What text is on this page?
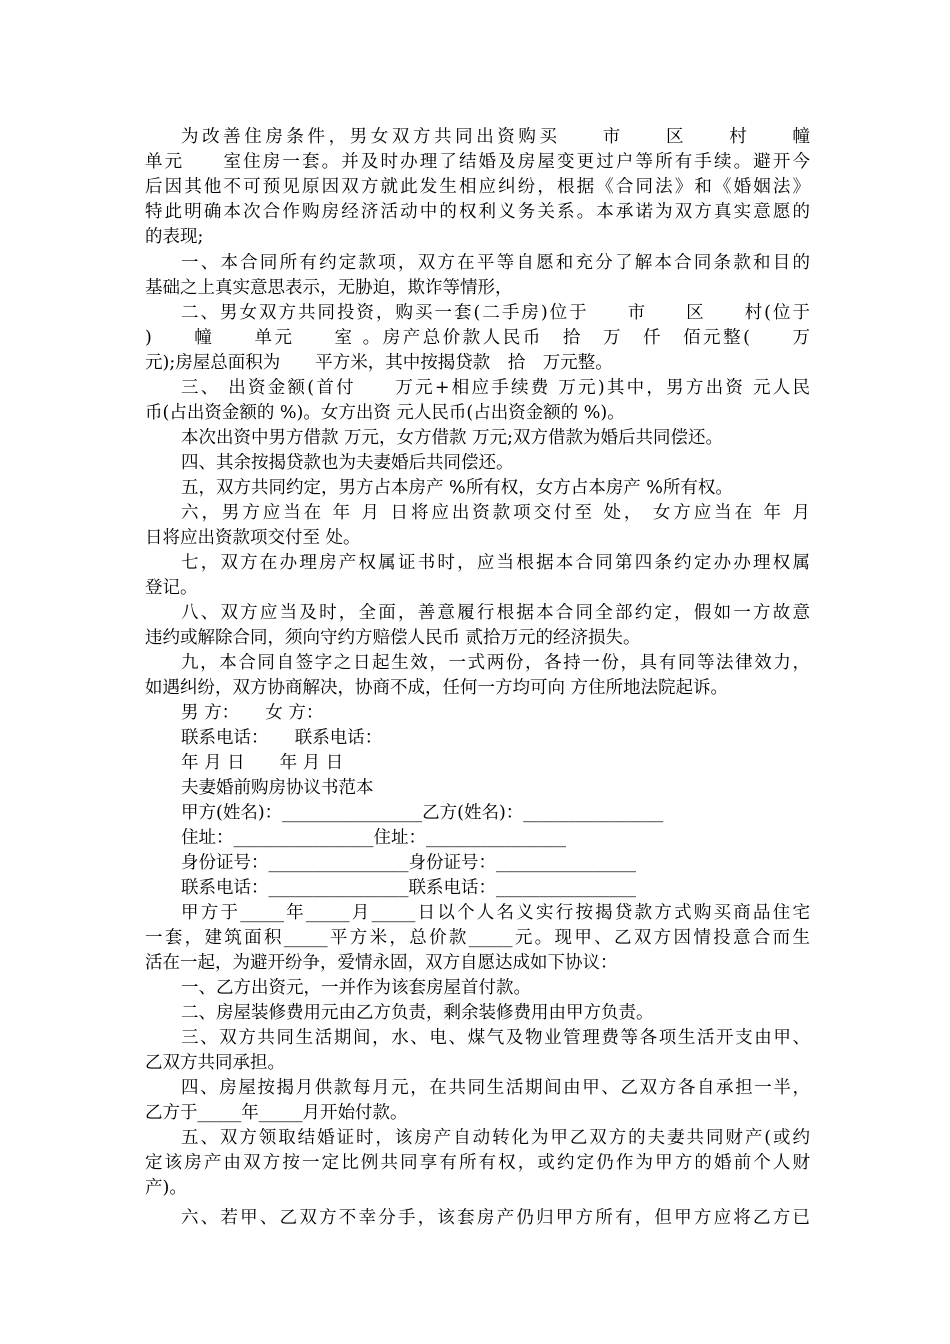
为改善住房条件，男女双方共同出资购买　　市　　区　　村　　幢
单元　　室住房一套。并及时办理了结婚及房屋变更过户等所有手续。避开今
后因其他不可预见原因双方就此发生相应纠纷，根据《合同法》和《婚姻法》
特此明确本次合作购房经济活动中的权利义务关系。本承诺为双方真实意愿的
的表现;
一、本合同所有约定款项，双方在平等自愿和充分了解本合同条款和目的
基础之上真实意思表示，无胁迫，欺诈等情形，
二、男女双方共同投资，购买一套(二手房)位于　　市　　区　　村(位于
)　　幢　　单元　　室 。房产总价款人民币　拾　万　仟　佰元整(　　万
元);房屋总面积为　　平方米，其中按揭贷款　拾　万元整。
三、 出资金额(首付　　万元+相应手续费 万元)其中，男方出资 元人民
币(占出资金额的 %)。女方出资 元人民币(占出资金额的 %)。
本次出资中男方借款 万元，女方借款 万元;双方借款为婚后共同偿还。
四、其余按揭贷款也为夫妻婚后共同偿还。
五，双方共同约定，男方占本房产 %所有权，女方占本房产 %所有权。
六，男方应当在 年 月 日将应出资款项交付至 处， 女方应当在 年 月
日将应出资款项交付至 处。
七，双方在办理房产权属证书时，应当根据本合同第四条约定办办理权属
登记。
八、双方应当及时，全面，善意履行根据本合同全部约定，假如一方故意
违约或解除合同，须向守约方赔偿人民币 贰拾万元的经济损失。
九，本合同自签字之日起生效，一式两份，各持一份，具有同等法律效力，
如遇纠纷，双方协商解决，协商不成，任何一方均可向 方住所地法院起诉。
男 方：　　女 方：
联系电话：　　联系电话：
年 月 日　　年 月 日
夫妻婚前购房协议书范本
甲方(姓名)：________________乙方(姓名)：________________
住址：________________住址：________________
身份证号：________________身份证号：________________
联系电话：________________联系电话：________________
甲方于_____年_____月_____日以个人名义实行按揭贷款方式购买商品住宅
一套，建筑面积_____平方米，总价款_____元。现甲、乙双方因情投意合而生
活在一起，为避开纷争，爱情永固，双方自愿达成如下协议：
一、乙方出资元，一并作为该套房屋首付款。
二、房屋装修费用元由乙方负责，剩余装修费用由甲方负责。
三、双方共同生活期间，水、电、煤气及物业管理费等各项生活开支由甲、
乙双方共同承担。
四、房屋按揭月供款每月元，在共同生活期间由甲、乙双方各自承担一半，
乙方于_____年_____月开始付款。
五、双方领取结婚证时，该房产自动转化为甲乙双方的夫妻共同财产(或约
定该房产由双方按一定比例共同享有所有权，或约定仍作为甲方的婚前个人财
产)。
六、若甲、乙双方不幸分手，该套房产仍归甲方所有，但甲方应将乙方已
